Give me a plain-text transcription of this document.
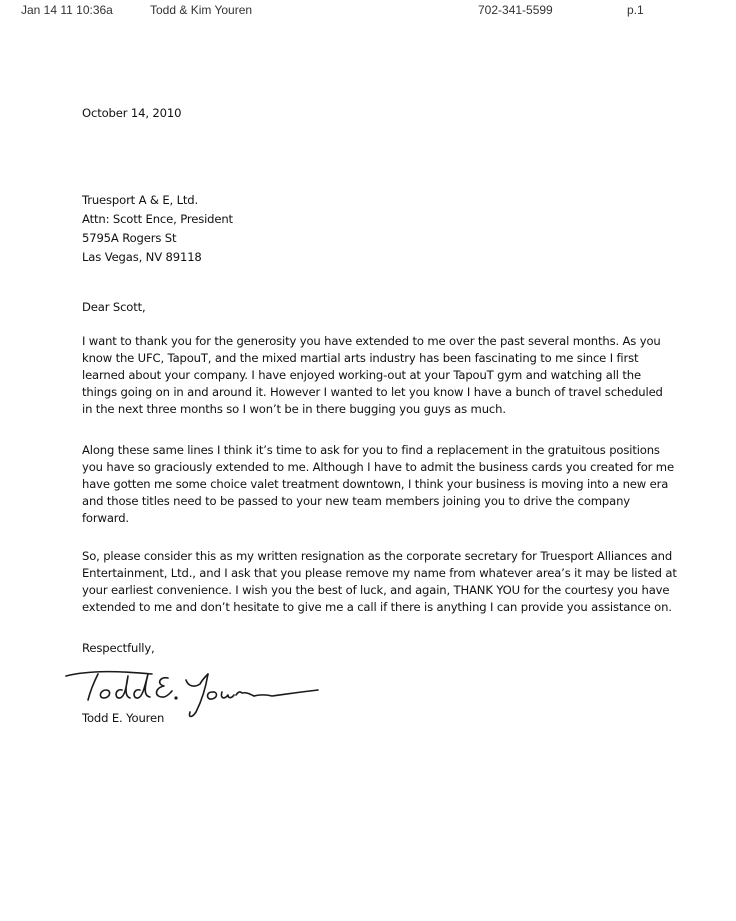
Jan 14 11 10:36a	Todd & Kim Youren	702-341-5599	p.1
October 14, 2010
Truesport A & E, Ltd.
Attn: Scott Ence, President
5795A Rogers St
Las Vegas, NV 89118
Dear Scott,
I want to thank you for the generosity you have extended to me over the past several months. As you
know the UFC, TapouT, and the mixed martial arts industry has been fascinating to me since I first
learned about your company. I have enjoyed working-out at your TapouT gym and watching all the
things going on in and around it. However I wanted to let you know I have a bunch of travel scheduled
in the next three months so I won’t be in there bugging you guys as much.
Along these same lines I think it’s time to ask for you to find a replacement in the gratuitous positions
you have so graciously extended to me. Although I have to admit the business cards you created for me
have gotten me some choice valet treatment downtown, I think your business is moving into a new era
and those titles need to be passed to your new team members joining you to drive the company
forward.
So, please consider this as my written resignation as the corporate secretary for Truesport Alliances and
Entertainment, Ltd., and I ask that you please remove my name from whatever area’s it may be listed at
your earliest convenience. I wish you the best of luck, and again, THANK YOU for the courtesy you have
extended to me and don’t hesitate to give me a call if there is anything I can provide you assistance on.
Respectfully,
Todd E. Youren
